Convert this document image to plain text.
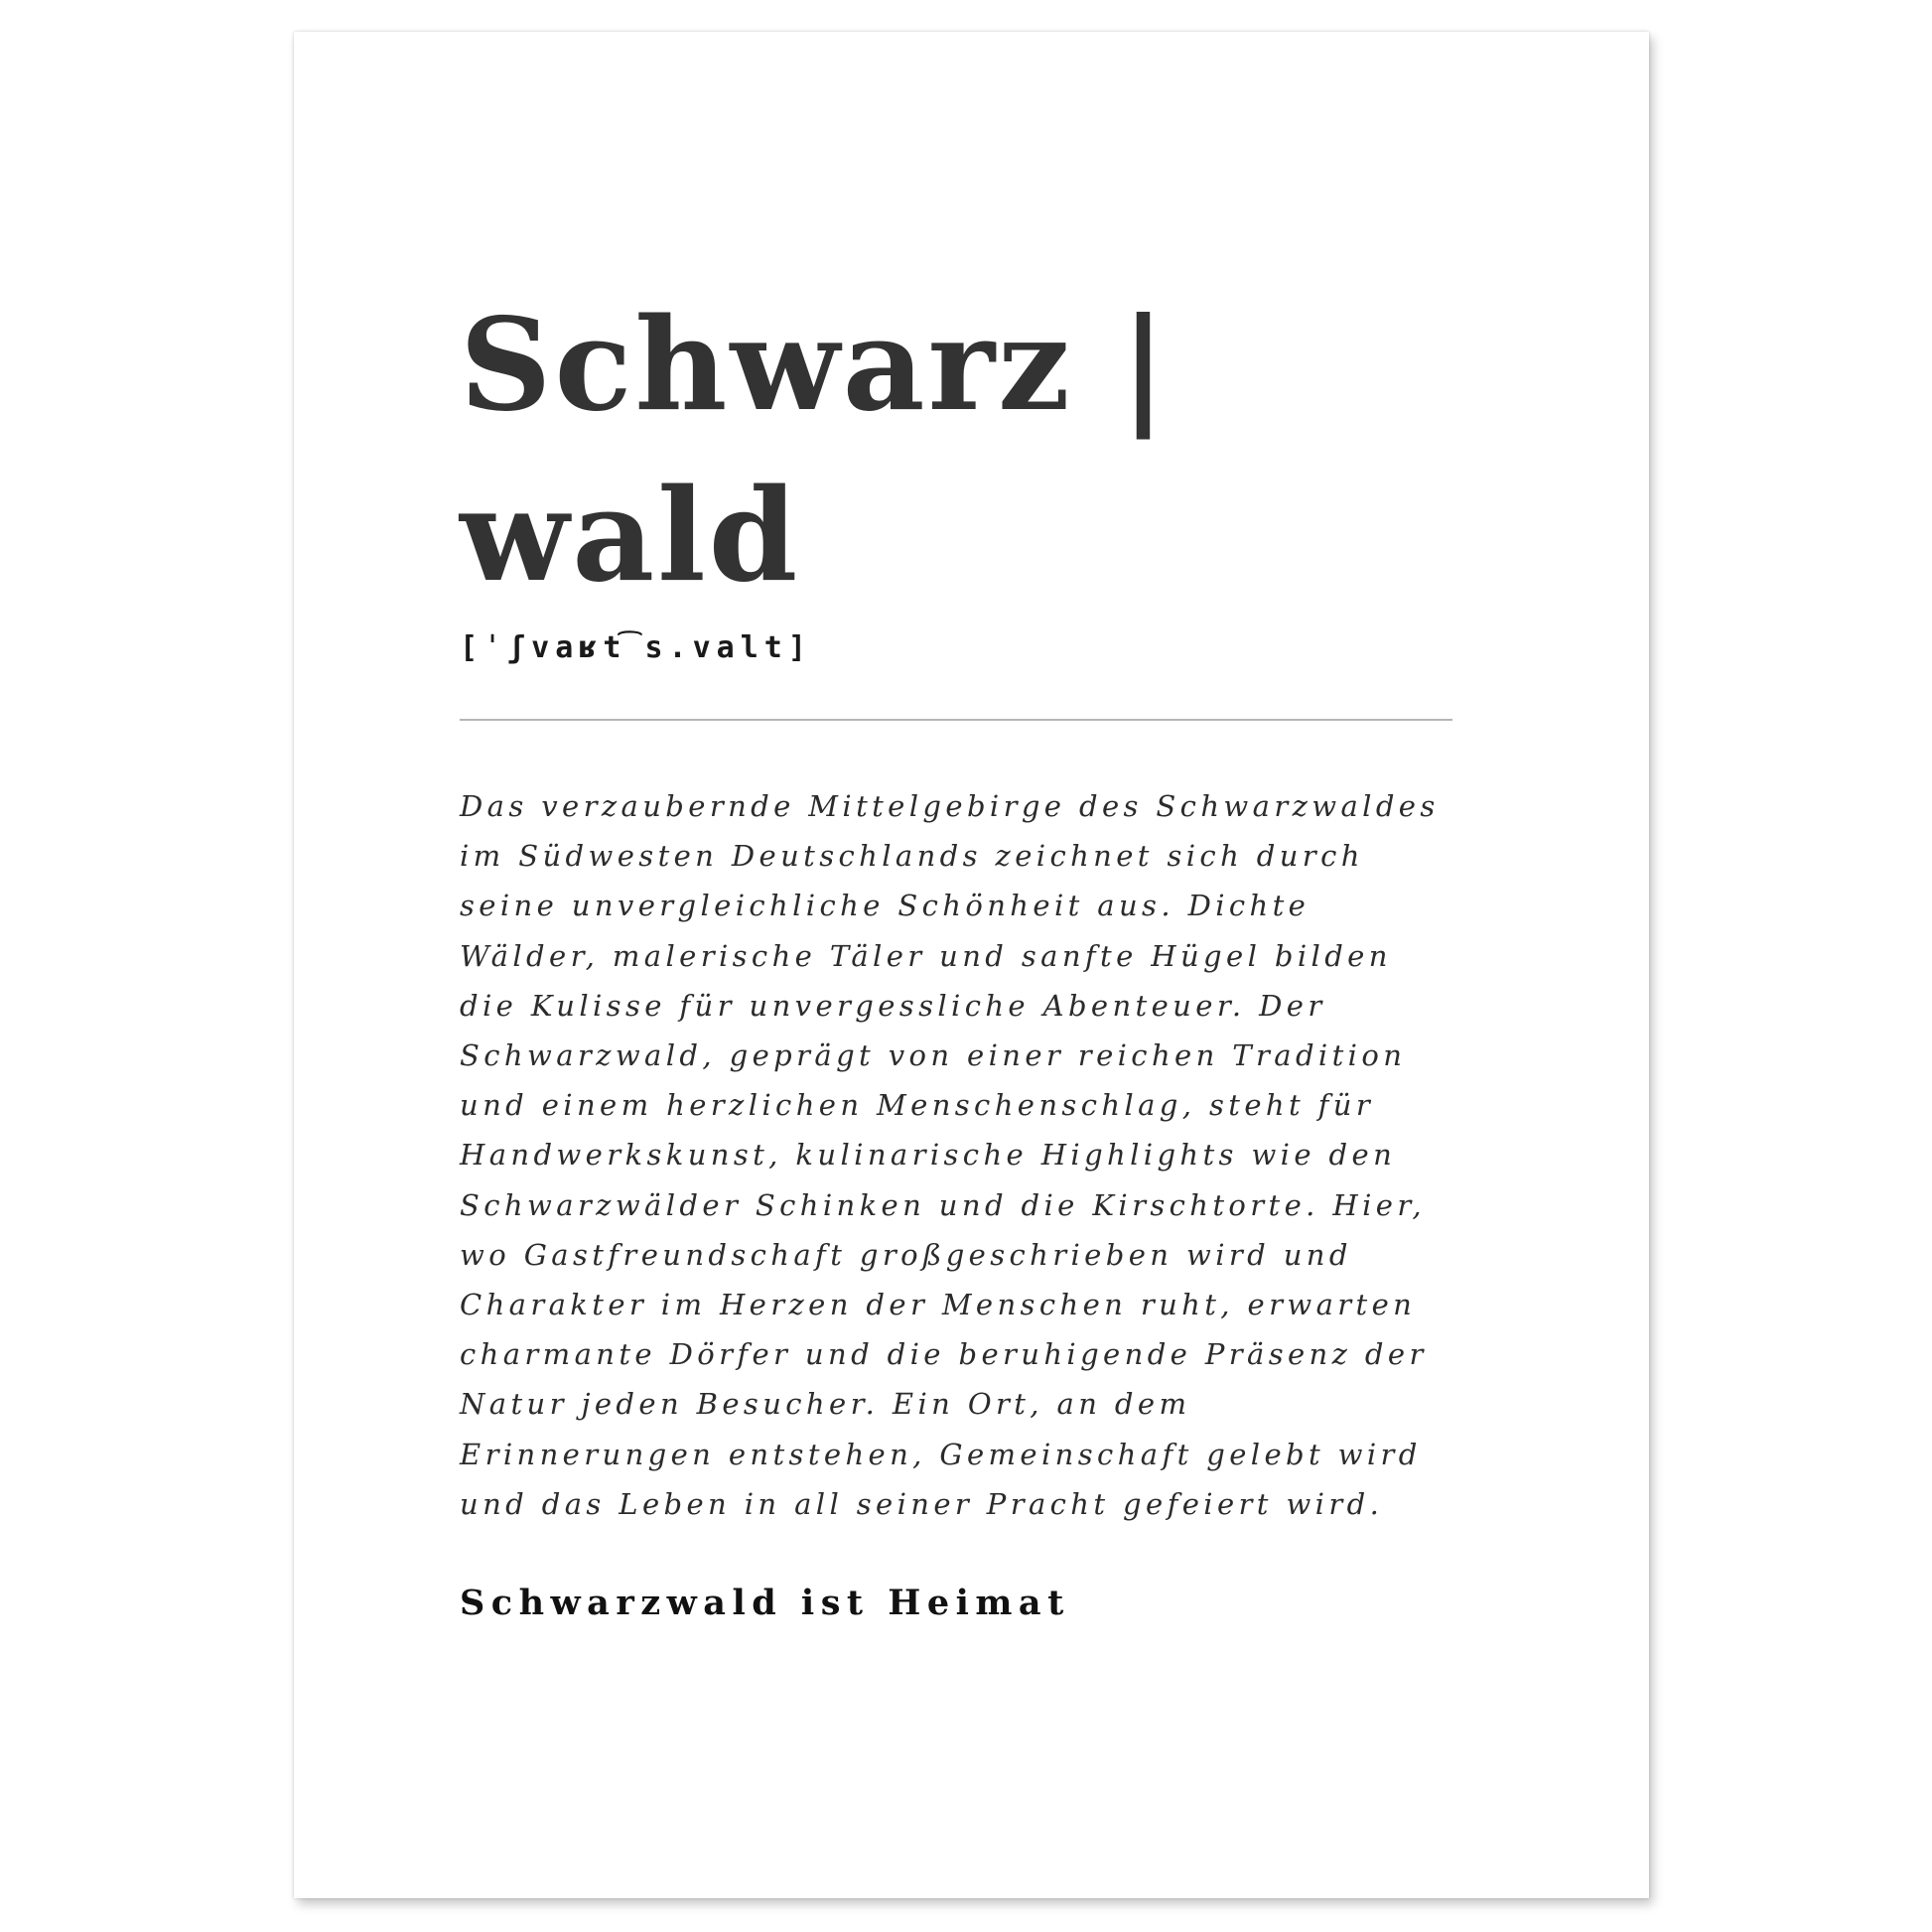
Schwarz |
wald
[ˈʃvaʁt͡s.valt]

Das verzaubernde Mittelgebirge des Schwarzwaldes
im Südwesten Deutschlands zeichnet sich durch
seine unvergleichliche Schönheit aus. Dichte
Wälder, malerische Täler und sanfte Hügel bilden
die Kulisse für unvergessliche Abenteuer. Der
Schwarzwald, geprägt von einer reichen Tradition
und einem herzlichen Menschenschlag, steht für
Handwerkskunst, kulinarische Highlights wie den
Schwarzwälder Schinken und die Kirschtorte. Hier,
wo Gastfreundschaft großgeschrieben wird und
Charakter im Herzen der Menschen ruht, erwarten
charmante Dörfer und die beruhigende Präsenz der
Natur jeden Besucher. Ein Ort, an dem
Erinnerungen entstehen, Gemeinschaft gelebt wird
und das Leben in all seiner Pracht gefeiert wird.

Schwarzwald ist Heimat
